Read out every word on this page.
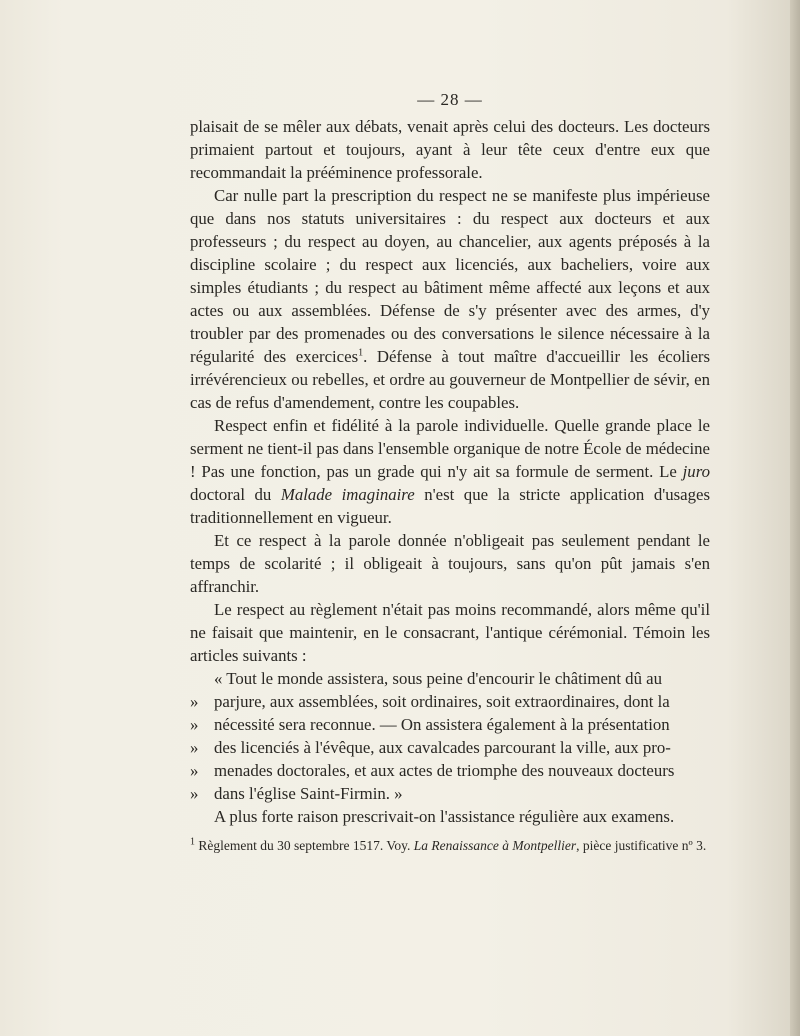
— 28 —

plaisait de se mêler aux débats, venait après celui des docteurs. Les docteurs primaient partout et toujours, ayant à leur tête ceux d'entre eux que recommandait la prééminence professorale.

Car nulle part la prescription du respect ne se manifeste plus impérieuse que dans nos statuts universitaires : du respect aux docteurs et aux professeurs ; du respect au doyen, au chancelier, aux agents préposés à la discipline scolaire ; du respect aux licenciés, aux bacheliers, voire aux simples étudiants ; du respect au bâtiment même affecté aux leçons et aux actes ou aux assemblées. Défense de s'y présenter avec des armes, d'y troubler par des promenades ou des conversations le silence nécessaire à la régularité des exercices$^1$. Défense à tout maître d'accueillir les écoliers irrévérencieux ou rebelles, et ordre au gouverneur de Montpellier de sévir, en cas de refus d'amendement, contre les coupables.

Respect enfin et fidélité à la parole individuelle. Quelle grande place le serment ne tient-il pas dans l'ensemble organique de notre École de médecine ! Pas une fonction, pas un grade qui n'y ait sa formule de serment. Le juro doctoral du Malade imaginaire n'est que la stricte application d'usages traditionnellement en vigueur.

Et ce respect à la parole donnée n'obligeait pas seulement pendant le temps de scolarité ; il obligeait à toujours, sans qu'on pût jamais s'en affranchir.

Le respect au règlement n'était pas moins recommandé, alors même qu'il ne faisait que maintenir, en le consacrant, l'antique cérémonial. Témoin les articles suivants :

« Tout le monde assistera, sous peine d'encourir le châtiment dû au

» parjure, aux assemblées, soit ordinaires, soit extraordinaires, dont la

» nécessité sera reconnue. — On assistera également à la présentation

» des licenciés à l'évêque, aux cavalcades parcourant la ville, aux pro-

» menades doctorales, et aux actes de triomphe des nouveaux docteurs

» dans l'église Saint-Firmin. »

A plus forte raison prescrivait-on l'assistance régulière aux examens.

$^1$ Règlement du 30 septembre 1517. Voy. La Renaissance à Montpellier, pièce justificative nº 3.
